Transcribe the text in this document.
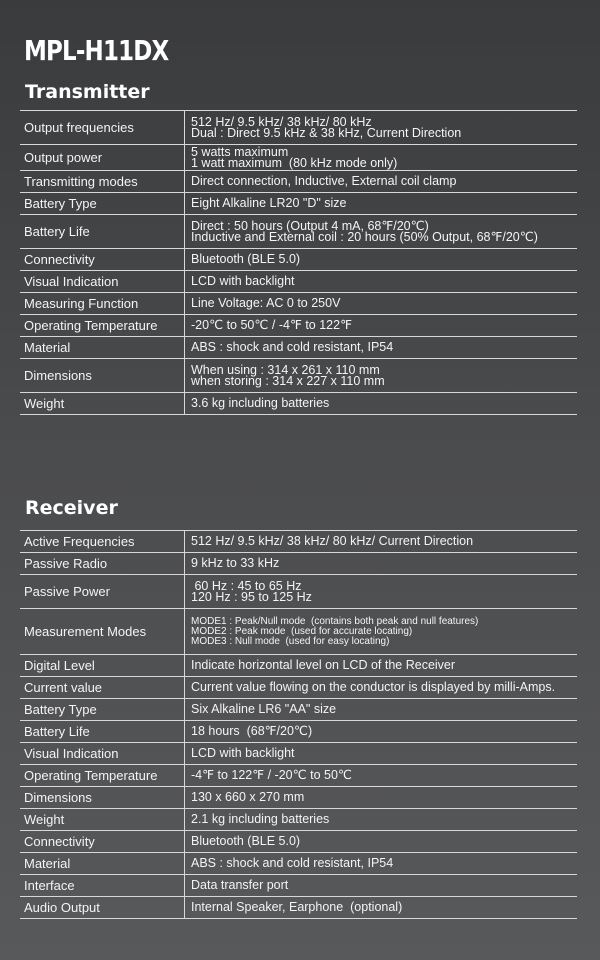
MPL-H11DX
Transmitter
Output frequencies	512 Hz/ 9.5 kHz/ 38 kHz/ 80 kHz
Dual : Direct 9.5 kHz & 38 kHz, Current Direction

Output power	5 watts maximum
1 watt maximum  (80 kHz mode only)

Transmitting modes	Direct connection, Inductive, External coil clamp

Battery Type	Eight Alkaline LR20 "D" size

Battery Life	Direct : 50 hours (Output 4 mA, 68℉/20℃)
Inductive and External coil : 20 hours (50% Output, 68℉/20℃)

Connectivity	Bluetooth (BLE 5.0)

Visual Indication	LCD with backlight

Measuring Function	Line Voltage: AC 0 to 250V

Operating Temperature	-20℃ to 50℃ / -4℉ to 122℉

Material	ABS : shock and cold resistant, IP54

Dimensions	When using : 314 x 261 x 110 mm
when storing : 314 x 227 x 110 mm

Weight	3.6 kg including batteries
Receiver
Active Frequencies	512 Hz/ 9.5 kHz/ 38 kHz/ 80 kHz/ Current Direction

Passive Radio	9 kHz to 33 kHz

Passive Power	60 Hz : 45 to 65 Hz
120 Hz : 95 to 125 Hz

Measurement Modes	MODE1 : Peak/Null mode  (contains both peak and null features)
MODE2 : Peak mode  (used for accurate locating)
MODE3 : Null mode  (used for easy locating)

Digital Level	Indicate horizontal level on LCD of the Receiver

Current value	Current value flowing on the conductor is displayed by milli-Amps.

Battery Type	Six Alkaline LR6 "AA" size

Battery Life	18 hours  (68℉/20℃)

Visual Indication	LCD with backlight

Operating Temperature	-4℉ to 122℉ / -20℃ to 50℃

Dimensions	130 x 660 x 270 mm

Weight	2.1 kg including batteries

Connectivity	Bluetooth (BLE 5.0)

Material	ABS : shock and cold resistant, IP54

Interface	Data transfer port

Audio Output	Internal Speaker, Earphone  (optional)
